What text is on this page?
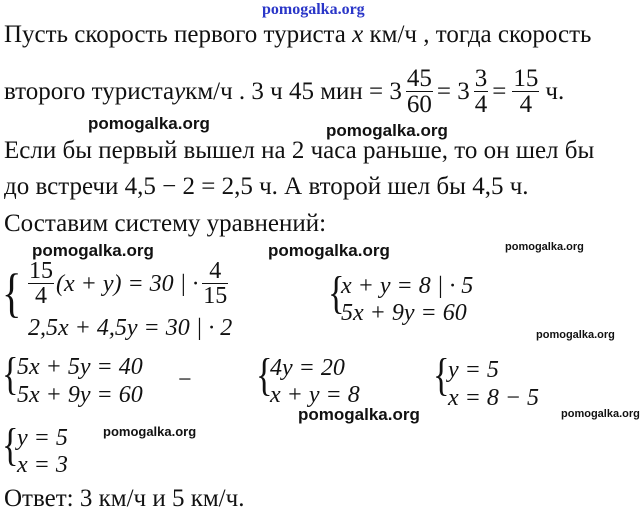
pomogalka.org
Пусть скорость первого туриста x км/ч , тогда скорость
второго туриста y км/ч . 3 ч 45 мин = $3 \frac{45}{60} = 3 \frac{3}{4} = \frac{15}{4} ч$.
pomogalka.org	pomogalka.org
Если бы первый вышел на 2 часа раньше, то он шел бы
до встречи 4,5 − 2 = 2,5 ч. А второй шел бы 4,5 ч.
Составим систему уравнений:
pomogalka.org	pomogalka.org	pomogalka.org
{ $\frac{15}{4} (x + y) = 30$ | · $\frac{4}{15}$
2,5x + 4,5y = 30 | · 2
{
x + y = 8 | · 5
5x + 9y = 60
pomogalka.org
{
5x + 5y = 40
5x + 9y = 60
− {
4y = 20
x + y = 8 {
y = 5
x = 8 − 5
pomogalka.org	pomogalka.org
{
y = 5
x = 3
pomogalka.org
Ответ: 3 км/ч и 5 км/ч.
